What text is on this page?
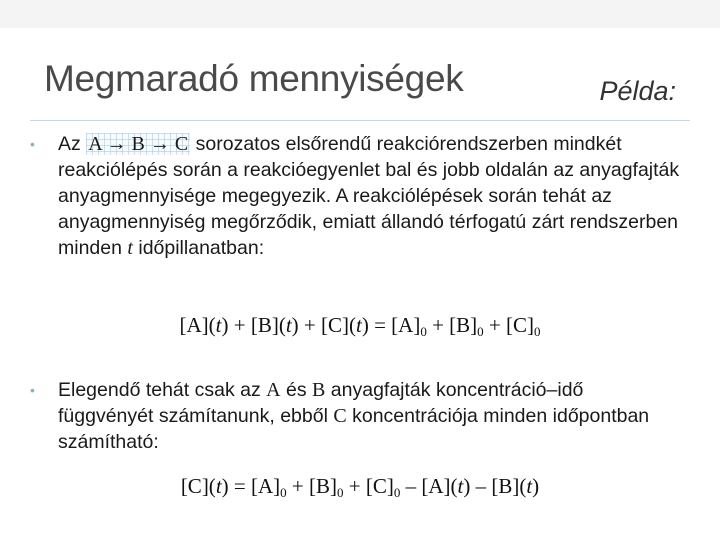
Megmaradó mennyiségek	Példa:
•	Az A → B → C sorozatos elsőrendű reakciórendszerben mindkét reakciólépés során a reakcióegyenlet bal és jobb oldalán az anyagfajták anyagmennyisége megegyezik. A reakciólépések során tehát az anyagmennyiség megőrződik, emiatt állandó térfogatú zárt rendszerben minden t időpillanatban:
$[A](t) + [B](t) + [C](t) = [A]_0 + [B]_0 + [C]_0$
•	Elegendő tehát csak az A és B anyagfajták koncentráció–idő függvényét számítanunk, ebből C koncentrációja minden időpontban számítható:
$[C](t) = [A]_0 + [B]_0 + [C]_0 - [A](t) - [B](t)$
